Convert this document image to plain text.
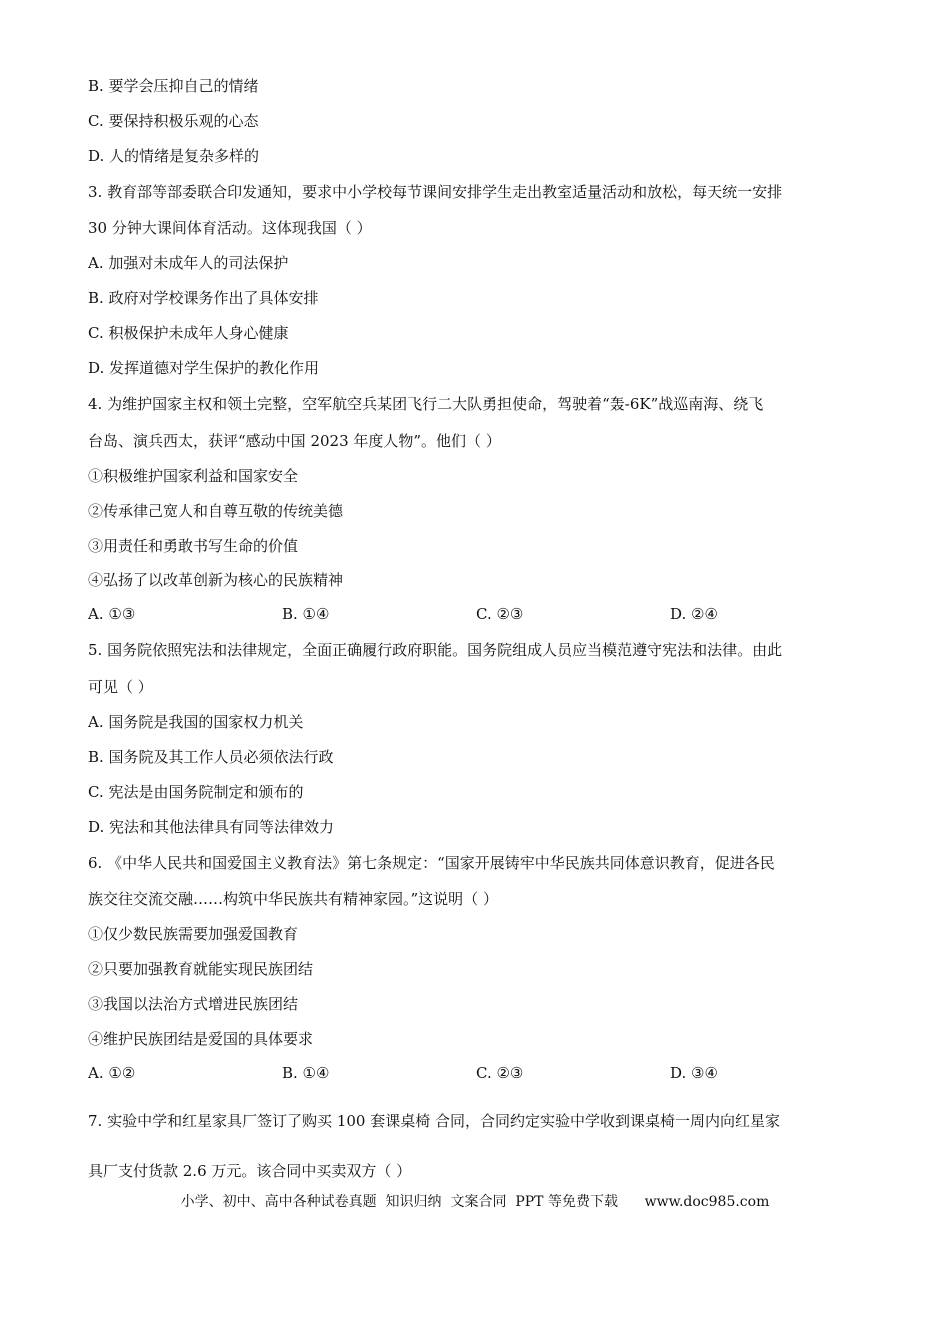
B. 要学会压抑自己的情绪
C. 要保持积极乐观的心态
D. 人的情绪是复杂多样的
3. 教育部等部委联合印发通知，要求中小学校每节课间安排学生走出教室适量活动和放松，每天统一安排
30 分钟大课间体育活动。这体现我国（ ）
A. 加强对未成年人的司法保护
B. 政府对学校课务作出了具体安排
C. 积极保护未成年人身心健康
D. 发挥道德对学生保护的教化作用
4. 为维护国家主权和领土完整，空军航空兵某团飞行二大队勇担使命，驾驶着“轰-6K”战巡南海、绕飞
台岛、演兵西太，获评“感动中国 2023 年度人物”。他们（ ）
①积极维护国家利益和国家安全
②传承律己宽人和自尊互敬的传统美德
③用责任和勇敢书写生命的价值
④弘扬了以改革创新为核心的民族精神
A. ①③	B. ①④	C. ②③	D. ②④
5. 国务院依照宪法和法律规定，全面正确履行政府职能。国务院组成人员应当模范遵守宪法和法律。由此
可见（ ）
A. 国务院是我国的国家权力机关
B. 国务院及其工作人员必须依法行政
C. 宪法是由国务院制定和颁布的
D. 宪法和其他法律具有同等法律效力
6. 《中华人民共和国爱国主义教育法》第七条规定：“国家开展铸牢中华民族共同体意识教育，促进各民
族交往交流交融……构筑中华民族共有精神家园。”这说明（ ）
①仅少数民族需要加强爱国教育
②只要加强教育就能实现民族团结
③我国以法治方式增进民族团结
④维护民族团结是爱国的具体要求
A. ①②	B. ①④	C. ②③	D. ③④
7. 实验中学和红星家具厂签订了购买 100 套课桌椅 合同，合同约定实验中学收到课桌椅一周内向红星家
具厂支付货款 2.6 万元。该合同中买卖双方（ ）
小学、初中、高中各种试卷真题  知识归纳  文案合同  PPT 等免费下载      www.doc985.com
